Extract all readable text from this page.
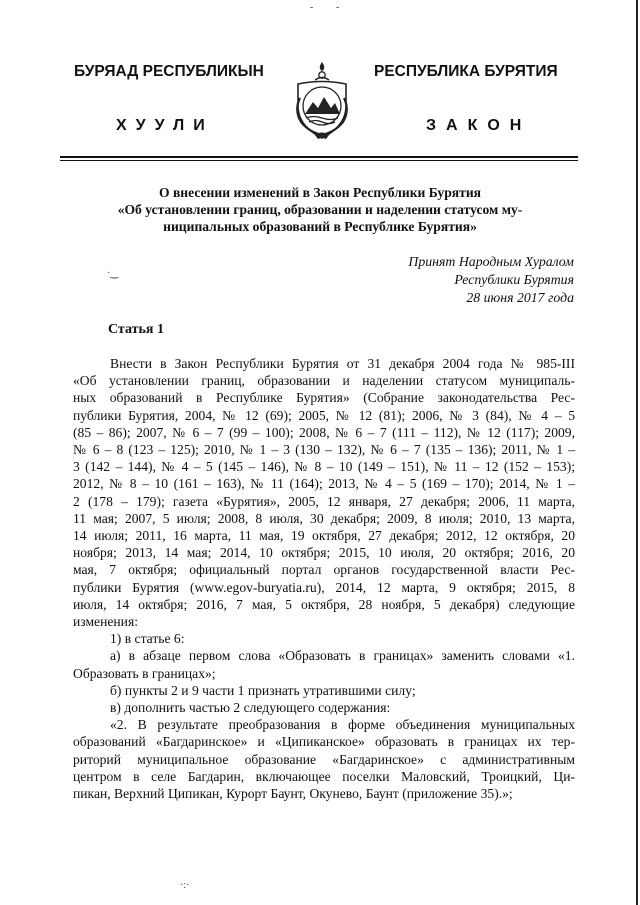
- -
·‿
·:·
БУРЯАД РЕСПУБЛИКЫН	РЕСПУБЛИКА БУРЯТИЯ
ХУУЛИ	ЗАКОН
О внесении изменений в Закон Республики Бурятия
«Об установлении границ, образовании и наделении статусом му-
ниципальных образований в Республике Бурятия»
Принят Народным Хуралом
Республики Бурятия
28 июня 2017 года
Статья 1
Внести в Закон Республики Бурятия от 31 декабря 2004 года № 985-III
«Об установлении границ, образовании и наделении статусом муниципаль-
ных образований в Республике Бурятия» (Собрание законодательства Рес-
публики Бурятия, 2004, № 12 (69); 2005, № 12 (81); 2006, № 3 (84), № 4 – 5
(85 – 86); 2007, № 6 – 7 (99 – 100); 2008, № 6 – 7 (111 – 112), № 12 (117); 2009,
№ 6 – 8 (123 – 125); 2010, № 1 – 3 (130 – 132), № 6 – 7 (135 – 136); 2011, № 1 –
3 (142 – 144), № 4 – 5 (145 – 146), № 8 – 10 (149 – 151), № 11 – 12 (152 – 153);
2012, № 8 – 10 (161 – 163), № 11 (164); 2013, № 4 – 5 (169 – 170); 2014, № 1 –
2 (178 – 179); газета «Бурятия», 2005, 12 января, 27 декабря; 2006, 11 марта,
11 мая; 2007, 5 июля; 2008, 8 июля, 30 декабря; 2009, 8 июля; 2010, 13 марта,
14 июля; 2011, 16 марта, 11 мая, 19 октября, 27 декабря; 2012, 12 октября, 20
ноября; 2013, 14 мая; 2014, 10 октября; 2015, 10 июля, 20 октября; 2016, 20
мая, 7 октября; официальный портал органов государственной власти Рес-
публики Бурятия (www.egov-buryatia.ru), 2014, 12 марта, 9 октября; 2015, 8
июля, 14 октября; 2016, 7 мая, 5 октября, 28 ноября, 5 декабря) следующие
изменения:
1) в статье 6:
а) в абзаце первом слова «Образовать в границах» заменить словами «1.
Образовать в границах»;
б) пункты 2 и 9 части 1 признать утратившими силу;
в) дополнить частью 2 следующего содержания:
«2. В результате преобразования в форме объединения муниципальных
образований «Багдаринское» и «Ципиканское» образовать в границах их тер-
риторий муниципальное образование «Багдаринское» с административным
центром в селе Багдарин, включающее поселки Маловский, Троицкий, Ци-
пикан, Верхний Ципикан, Курорт Баунт, Окунево, Баунт (приложение 35).»;
